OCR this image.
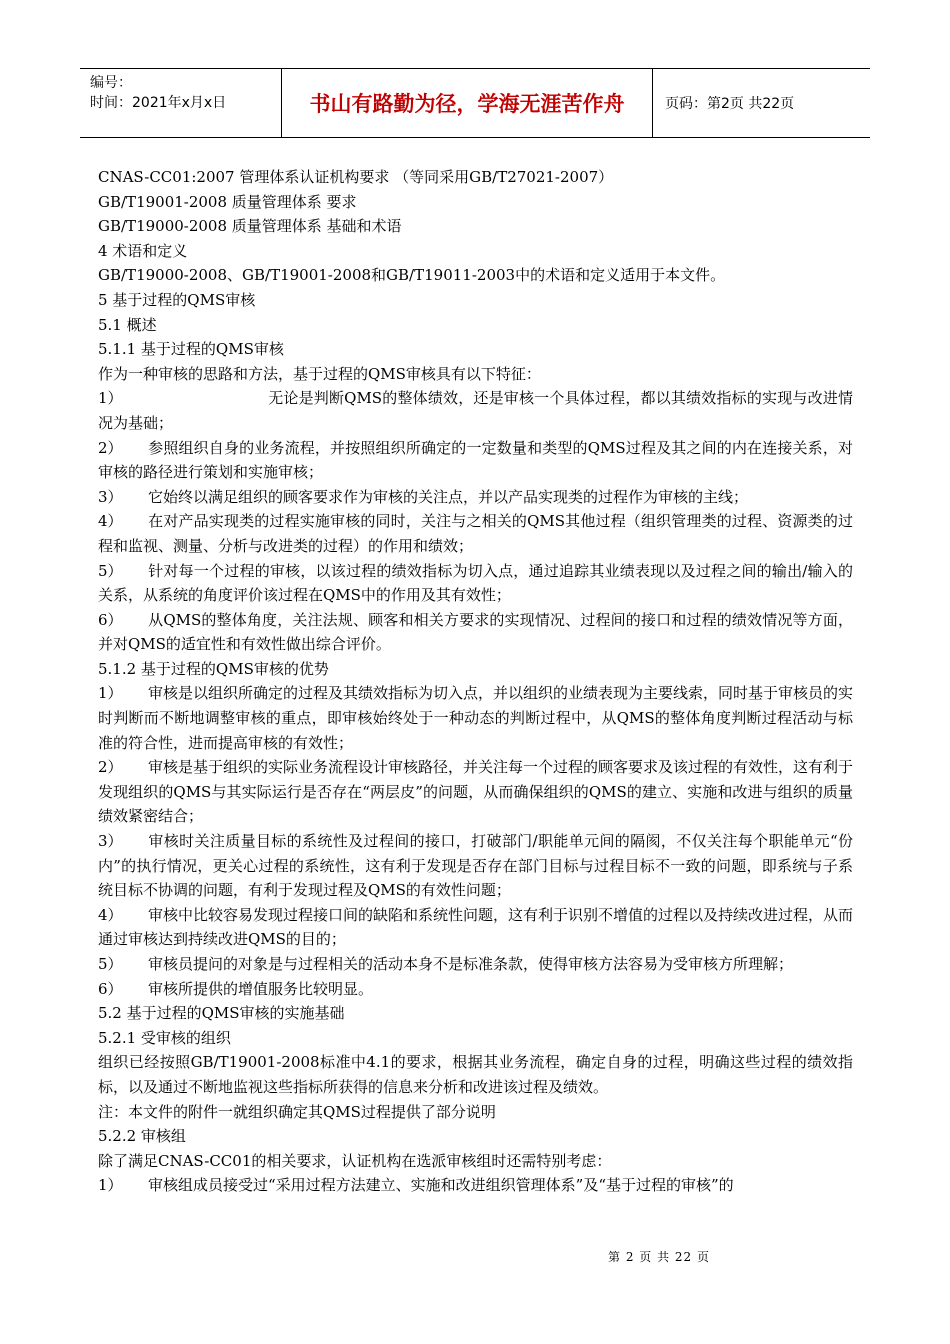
编号：
时间：2021年x月x日	书山有路勤为径，学海无涯苦作舟	页码：第2页 共22页

CNAS-CC01:2007 管理体系认证机构要求 （等同采用GB/T27021-2007）

GB/T19001-2008 质量管理体系 要求

GB/T19000-2008 质量管理体系 基础和术语

4 术语和定义

GB/T19000-2008、GB/T19001-2008和GB/T19011-2003中的术语和定义适用于本文件。

5 基于过程的QMS审核

5.1 概述

5.1.1 基于过程的QMS审核

作为一种审核的思路和方法，基于过程的QMS审核具有以下特征：

1）	无论是判断QMS的整体绩效，还是审核一个具体过程，都以其绩效指标的实现与改进情况为基础；

2） 参照组织自身的业务流程，并按照组织所确定的一定数量和类型的QMS过程及其之间的内在连接关系，对审核的路径进行策划和实施审核；

3） 它始终以满足组织的顾客要求作为审核的关注点，并以产品实现类的过程作为审核的主线；

4） 在对产品实现类的过程实施审核的同时，关注与之相关的QMS其他过程（组织管理类的过程、资源类的过程和监视、测量、分析与改进类的过程）的作用和绩效；

5） 针对每一个过程的审核，以该过程的绩效指标为切入点，通过追踪其业绩表现以及过程之间的输出/输入的关系，从系统的角度评价该过程在QMS中的作用及其有效性；

6） 从QMS的整体角度，关注法规、顾客和相关方要求的实现情况、过程间的接口和过程的绩效情况等方面，并对QMS的适宜性和有效性做出综合评价。

5.1.2 基于过程的QMS审核的优势

1） 审核是以组织所确定的过程及其绩效指标为切入点，并以组织的业绩表现为主要线索，同时基于审核员的实时判断而不断地调整审核的重点，即审核始终处于一种动态的判断过程中，从QMS的整体角度判断过程活动与标准的符合性，进而提高审核的有效性；

2） 审核是基于组织的实际业务流程设计审核路径，并关注每一个过程的顾客要求及该过程的有效性，这有利于发现组织的QMS与其实际运行是否存在“两层皮”的问题，从而确保组织的QMS的建立、实施和改进与组织的质量绩效紧密结合；

3） 审核时关注质量目标的系统性及过程间的接口，打破部门/职能单元间的隔阂，不仅关注每个职能单元“份内”的执行情况，更关心过程的系统性，这有利于发现是否存在部门目标与过程目标不一致的问题，即系统与子系统目标不协调的问题，有利于发现过程及QMS的有效性问题；

4） 审核中比较容易发现过程接口间的缺陷和系统性问题，这有利于识别不增值的过程以及持续改进过程，从而通过审核达到持续改进QMS的目的；

5） 审核员提问的对象是与过程相关的活动本身不是标准条款，使得审核方法容易为受审核方所理解；

6） 审核所提供的增值服务比较明显。

5.2 基于过程的QMS审核的实施基础

5.2.1 受审核的组织

组织已经按照GB/T19001-2008标准中4.1的要求，根据其业务流程，确定自身的过程，明确这些过程的绩效指标，以及通过不断地监视这些指标所获得的信息来分析和改进该过程及绩效。

注：本文件的附件一就组织确定其QMS过程提供了部分说明

5.2.2 审核组

除了满足CNAS-CC01的相关要求，认证机构在选派审核组时还需特别考虑：

1） 审核组成员接受过“采用过程方法建立、实施和改进组织管理体系”及“基于过程的审核”的

第 2 页 共 22 页
